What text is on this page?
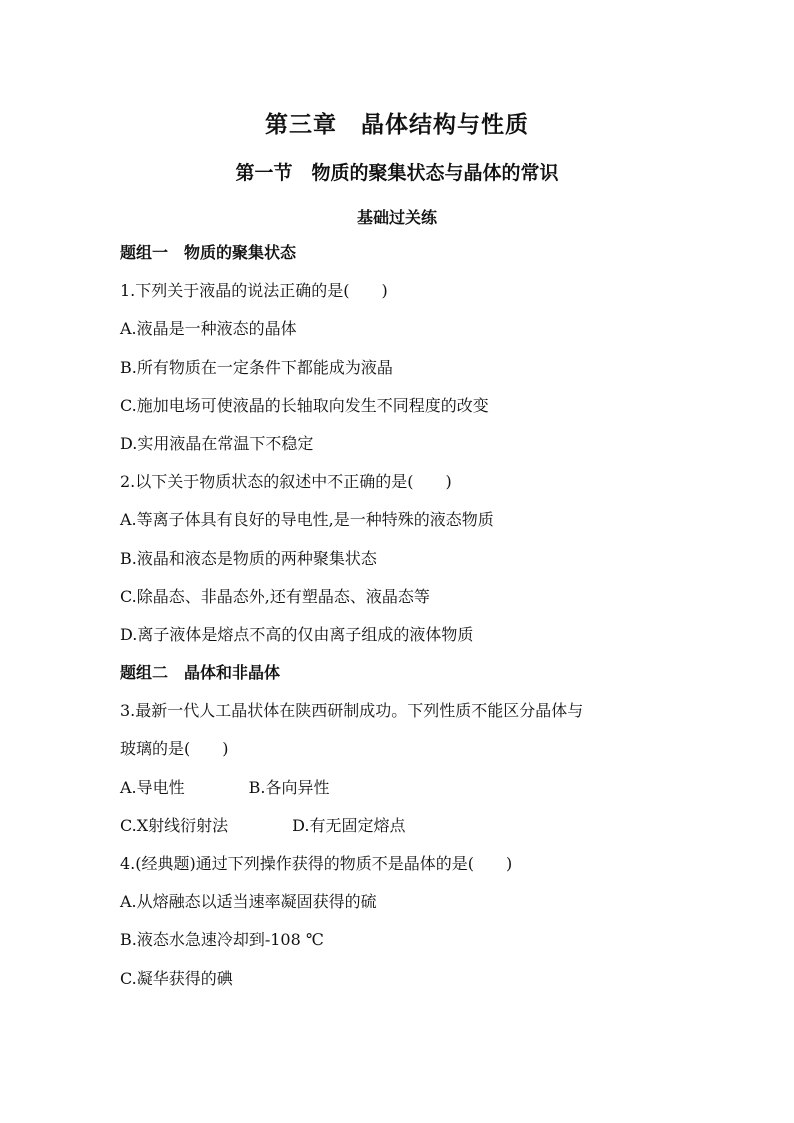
第三章　晶体结构与性质
第一节　物质的聚集状态与晶体的常识
基础过关练
题组一　物质的聚集状态
1.下列关于液晶的说法正确的是(　　)
A.液晶是一种液态的晶体
B.所有物质在一定条件下都能成为液晶
C.施加电场可使液晶的长轴取向发生不同程度的改变
D.实用液晶在常温下不稳定
2.以下关于物质状态的叙述中不正确的是(　　)
A.等离子体具有良好的导电性,是一种特殊的液态物质
B.液晶和液态是物质的两种聚集状态
C.除晶态、非晶态外,还有塑晶态、液晶态等
D.离子液体是熔点不高的仅由离子组成的液体物质
题组二　晶体和非晶体
3.最新一代人工晶状体在陕西研制成功。下列性质不能区分晶体与
玻璃的是(　　)
A.导电性	B.各向异性
C.X射线衍射法	D.有无固定熔点
4.(经典题)通过下列操作获得的物质不是晶体的是(　　)
A.从熔融态以适当速率凝固获得的硫
B.液态水急速冷却到-108 ℃
C.凝华获得的碘
